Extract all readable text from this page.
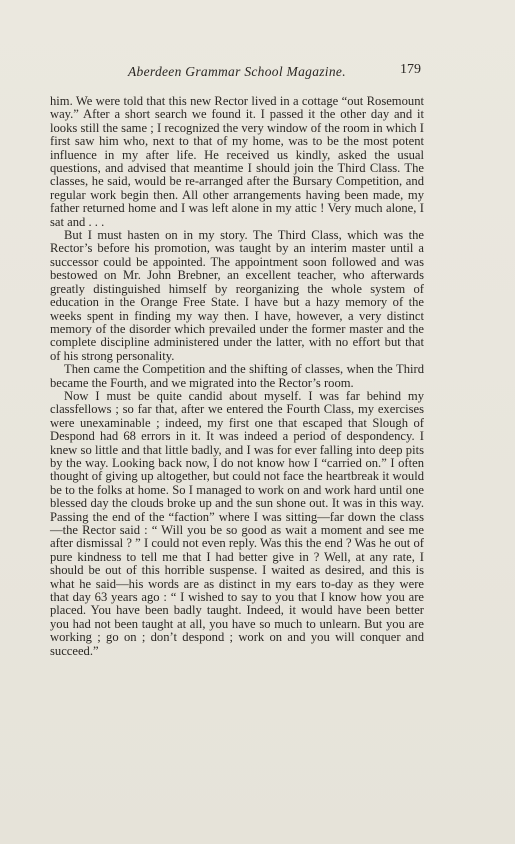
Aberdeen Grammar School Magazine.	179

him. We were told that this new Rector lived in a cottage “out Rosemount way.” After a short search we found it. I passed it the other day and it looks still the same ; I recognized the very window of the room in which I first saw him who, next to that of my home, was to be the most potent influence in my after life. He received us kindly, asked the usual questions, and advised that meantime I should join the Third Class. The classes, he said, would be re-arranged after the Bursary Competition, and regular work begin then. All other arrangements having been made, my father returned home and I was left alone in my attic ! Very much alone, I sat and . . .

But I must hasten on in my story. The Third Class, which was the Rector’s before his promotion, was taught by an interim master until a successor could be appointed. The appointment soon followed and was bestowed on Mr. John Brebner, an excellent teacher, who afterwards greatly distinguished himself by reorganizing the whole system of education in the Orange Free State. I have but a hazy memory of the weeks spent in finding my way then. I have, however, a very distinct memory of the disorder which prevailed under the former master and the complete discipline administered under the latter, with no effort but that of his strong personality.

Then came the Competition and the shifting of classes, when the Third became the Fourth, and we migrated into the Rector’s room.

Now I must be quite candid about myself. I was far behind my classfellows ; so far that, after we entered the Fourth Class, my exercises were unexaminable ; indeed, my first one that escaped that Slough of Despond had 68 errors in it. It was indeed a period of despondency. I knew so little and that little badly, and I was for ever falling into deep pits by the way. Looking back now, I do not know how I “carried on.” I often thought of giving up altogether, but could not face the heartbreak it would be to the folks at home. So I managed to work on and work hard until one blessed day the clouds broke up and the sun shone out. It was in this way. Passing the end of the “faction” where I was sitting—far down the class—the Rector said : “ Will you be so good as wait a moment and see me after dismissal ? ” I could not even reply. Was this the end ? Was he out of pure kindness to tell me that I had better give in ? Well, at any rate, I should be out of this horrible suspense. I waited as desired, and this is what he said—his words are as distinct in my ears to-day as they were that day 63 years ago : “ I wished to say to you that I know how you are placed. You have been badly taught. Indeed, it would have been better you had not been taught at all, you have so much to unlearn. But you are working ; go on ; don’t despond ; work on and you will conquer and succeed.”
